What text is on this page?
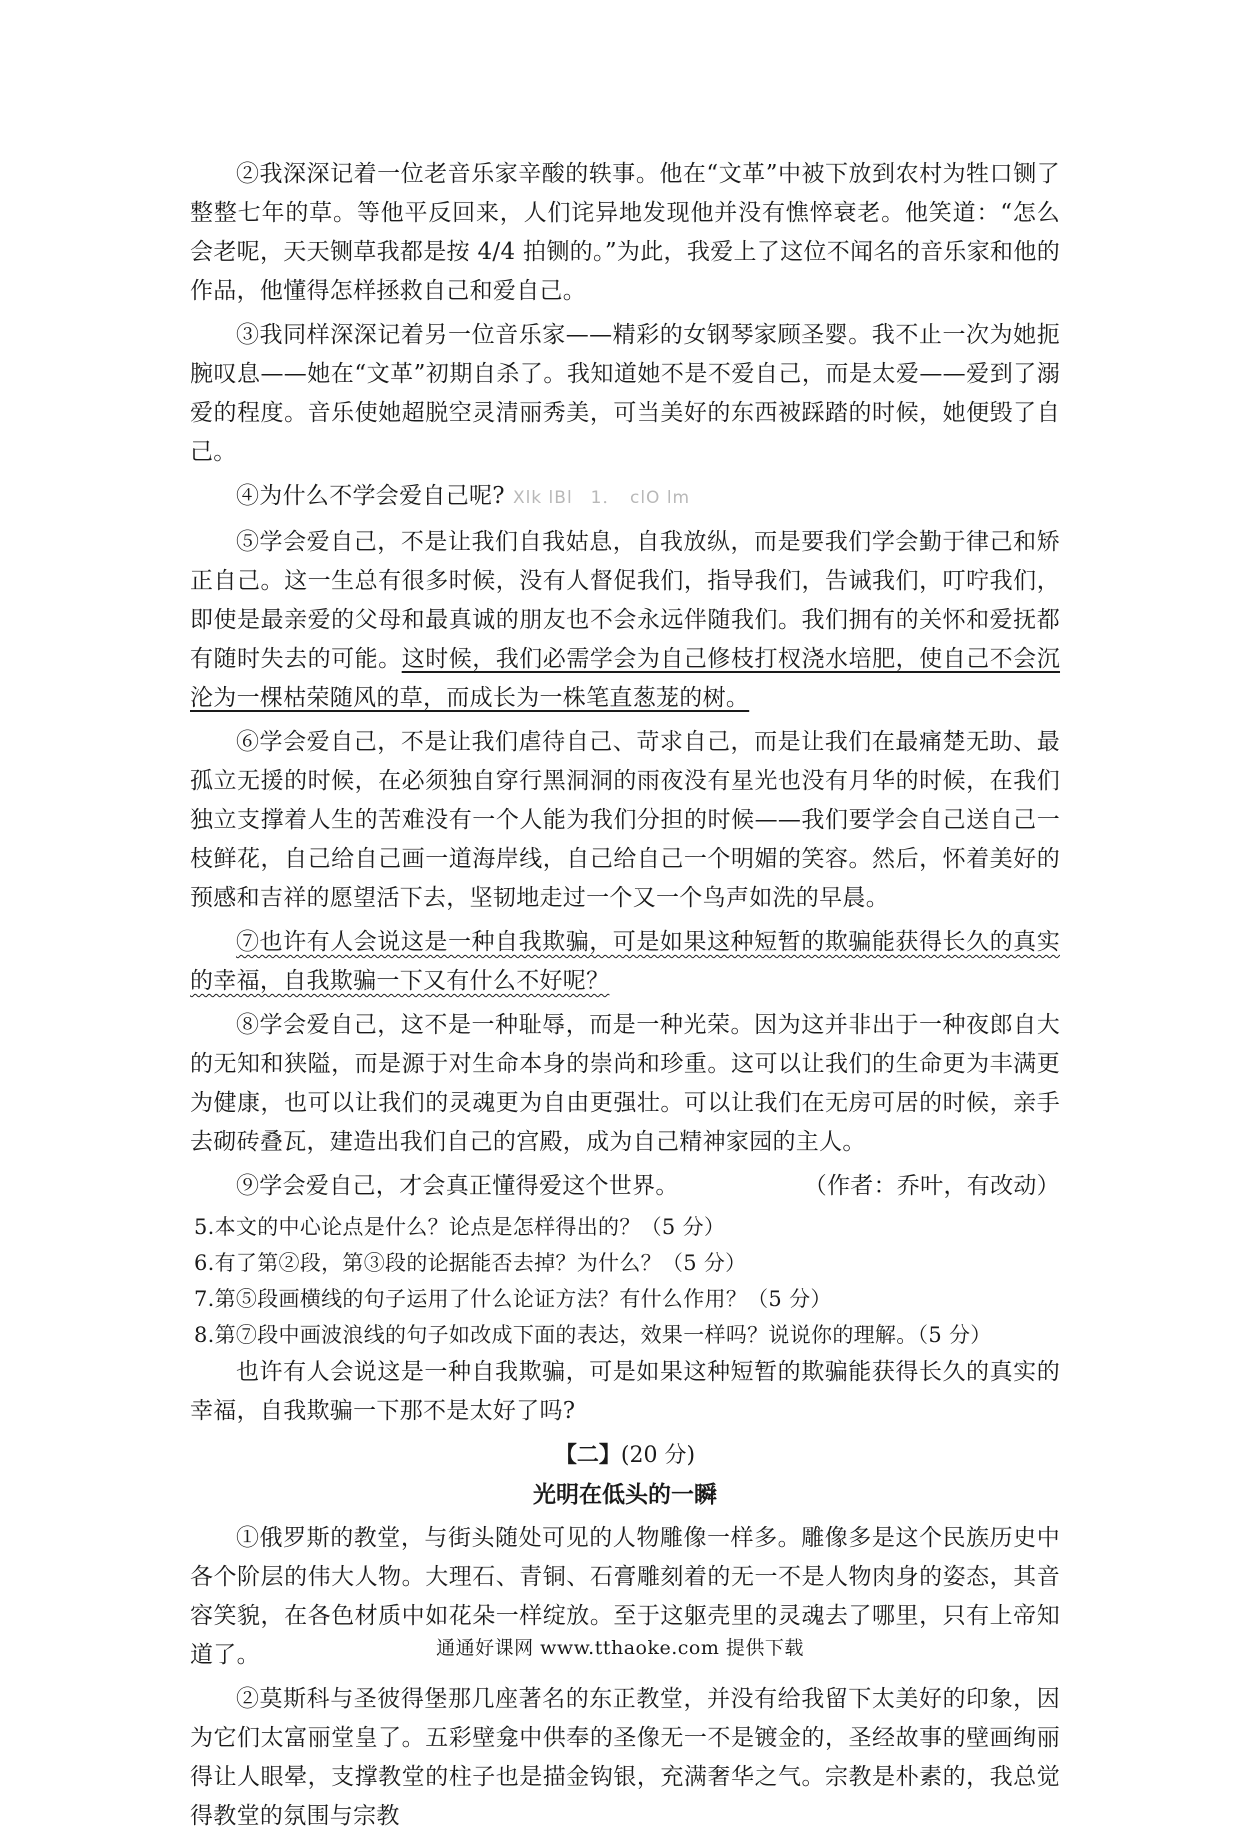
②我深深记着一位老音乐家辛酸的轶事。他在“文革”中被下放到农村为牲口铡了整整七年的草。等他平反回来，人们诧异地发现他并没有憔悴衰老。他笑道：“怎么会老呢，天天铡草我都是按 4/4 拍铡的。”为此，我爱上了这位不闻名的音乐家和他的作品，他懂得怎样拯救自己和爱自己。

③我同样深深记着另一位音乐家——精彩的女钢琴家顾圣婴。我不止一次为她扼腕叹息——她在“文革”初期自杀了。我知道她不是不爱自己，而是太爱——爱到了溺爱的程度。音乐使她超脱空灵清丽秀美，可当美好的东西被踩踏的时候，她便毁了自己。

④为什么不学会爱自己呢? Xlk lBl　1．　clO lm

⑤学会爱自己，不是让我们自我姑息，自我放纵，而是要我们学会勤于律己和矫正自己。这一生总有很多时候，没有人督促我们，指导我们，告诫我们，叮咛我们，即使是最亲爱的父母和最真诚的朋友也不会永远伴随我们。我们拥有的关怀和爱抚都有随时失去的可能。这时候，我们必需学会为自己修枝打杈浇水培肥，使自己不会沉沦为一棵枯荣随风的草，而成长为一株笔直葱茏的树。

⑥学会爱自己，不是让我们虐待自己、苛求自己，而是让我们在最痛楚无助、最孤立无援的时候，在必须独自穿行黑洞洞的雨夜没有星光也没有月华的时候，在我们独立支撑着人生的苦难没有一个人能为我们分担的时候——我们要学会自己送自己一枝鲜花，自己给自己画一道海岸线，自己给自己一个明媚的笑容。然后，怀着美好的预感和吉祥的愿望活下去，坚韧地走过一个又一个鸟声如洗的早晨。

⑦也许有人会说这是一种自我欺骗，可是如果这种短暂的欺骗能获得长久的真实的幸福，自我欺骗一下又有什么不好呢？

⑧学会爱自己，这不是一种耻辱，而是一种光荣。因为这并非出于一种夜郎自大的无知和狭隘，而是源于对生命本身的崇尚和珍重。这可以让我们的生命更为丰满更为健康，也可以让我们的灵魂更为自由更强壮。可以让我们在无房可居的时候，亲手去砌砖叠瓦，建造出我们自己的宫殿，成为自己精神家园的主人。

⑨学会爱自己，才会真正懂得爱这个世界。	（作者：乔叶，有改动）

5.本文的中心论点是什么？论点是怎样得出的？（5 分）

6.有了第②段，第③段的论据能否去掉？为什么？（5 分）

7.第⑤段画横线的句子运用了什么论证方法？有什么作用？（5 分）

8.第⑦段中画波浪线的句子如改成下面的表达，效果一样吗？说说你的理解。（5 分）

也许有人会说这是一种自我欺骗，可是如果这种短暂的欺骗能获得长久的真实的幸福，自我欺骗一下那不是太好了吗?

【二】(20 分)
光明在低头的一瞬

①俄罗斯的教堂，与街头随处可见的人物雕像一样多。雕像多是这个民族历史中各个阶层的伟大人物。大理石、青铜、石膏雕刻着的无一不是人物肉身的姿态，其音容笑貌，在各色材质中如花朵一样绽放。至于这躯壳里的灵魂去了哪里，只有上帝知道了。

②莫斯科与圣彼得堡那几座著名的东正教堂，并没有给我留下太美好的印象，因为它们太富丽堂皇了。五彩壁龛中供奉的圣像无一不是镀金的，圣经故事的壁画绚丽得让人眼晕，支撑教堂的柱子也是描金钩银，充满奢华之气。宗教是朴素的，我总觉得教堂的氛围与宗教

通通好课网 www.tthaoke.com 提供下载
